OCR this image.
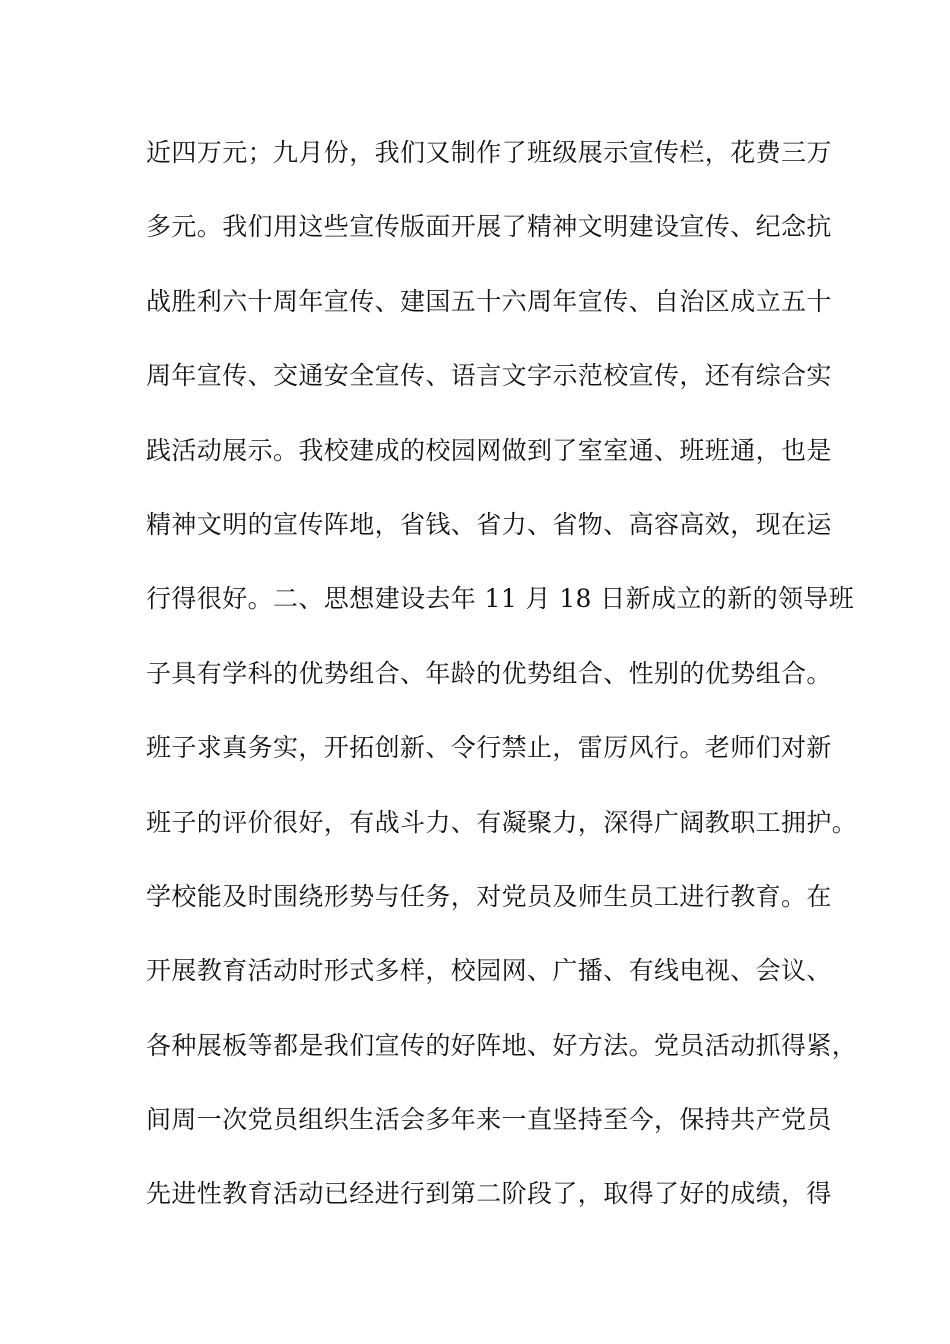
近四万元；九月份，我们又制作了班级展示宣传栏，花费三万
多元。我们用这些宣传版面开展了精神文明建设宣传、纪念抗
战胜利六十周年宣传、建国五十六周年宣传、自治区成立五十
周年宣传、交通安全宣传、语言文字示范校宣传，还有综合实
践活动展示。我校建成的校园网做到了室室通、班班通，也是
精神文明的宣传阵地，省钱、省力、省物、高容高效，现在运
行得很好。二、思想建设去年 11 月 18 日新成立的新的领导班
子具有学科的优势组合、年龄的优势组合、性别的优势组合。
班子求真务实，开拓创新、令行禁止，雷厉风行。老师们对新
班子的评价很好，有战斗力、有凝聚力，深得广阔教职工拥护。
学校能及时围绕形势与任务，对党员及师生员工进行教育。在
开展教育活动时形式多样，校园网、广播、有线电视、会议、
各种展板等都是我们宣传的好阵地、好方法。党员活动抓得紧，
间周一次党员组织生活会多年来一直坚持至今，保持共产党员
先进性教育活动已经进行到第二阶段了，取得了好的成绩，得
